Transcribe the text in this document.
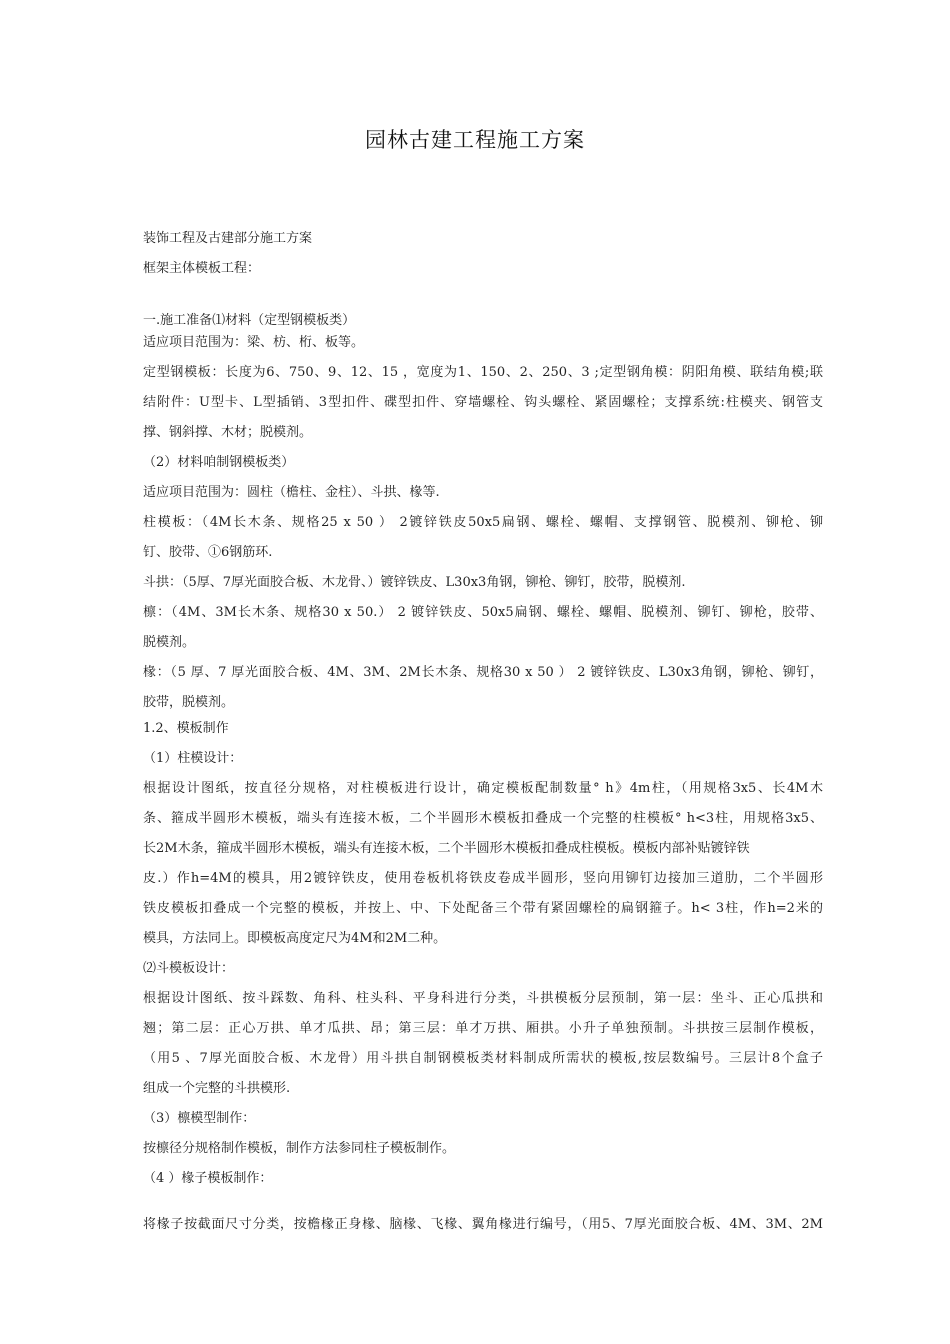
园林古建工程施工方案
装饰工程及古建部分施工方案
框架主体模板工程：
一.施工准备⑴材料（定型钢模板类）
适应项目范围为：梁、枋、桁、板等。
定型钢模板：长度为6、750、9、12、15 ，宽度为1、150、2、250、3 ;定型钢角模：阴阳角模、联结角模;联
结附件：U型卡、L型插销、3型扣件、碟型扣件、穿墙螺栓、钩头螺栓、紧固螺栓；支撑系统:柱模夹、钢管支
撑、钢斜撑、木材；脱模剂。
（2）材料咱制钢模板类）
适应项目范围为：圆柱（檐柱、金柱）、斗拱、椽等.
柱模板：（4M长木条、规格25 x 50 ） 2镀锌铁皮50x5扁钢、螺栓、螺帽、支撑钢管、脱模剂、铆枪、铆
钉、胶带、①6钢筋环.
斗拱：（5厚、7厚光面胶合板、木龙骨、）镀锌铁皮、L30x3角钢，铆枪、铆钉，胶带，脱模剂.
檩：（4M、3M长木条、规格30 x 50.） 2 镀锌铁皮、50x5扁钢、螺栓、螺帽、脱模剂、铆钉、铆枪，胶带、
脱模剂。
椽：（5 厚、7 厚光面胶合板、4M、3M、2M长木条、规格30 x 50 ） 2 镀锌铁皮、L30x3角钢，铆枪、铆钉，
胶带，脱模剂。
1.2、模板制作
（1）柱模设计：
根据设计图纸，按直径分规格，对柱模板进行设计，确定模板配制数量° h》4m柱，（用规格3x5、长4M木
条、箍成半圆形木模板，端头有连接木板，二个半圆形木模板扣叠成一个完整的柱模板° h<3柱，用规格3x5、
长2M木条，箍成半圆形木模板，端头有连接木板，二个半圆形木模板扣叠成柱模板。模板内部补贴镀锌铁
皮.）作h=4M的模具，用2镀锌铁皮，使用卷板机将铁皮卷成半圆形，竖向用铆钉边接加三道肋，二个半圆形
铁皮模板扣叠成一个完整的模板，并按上、中、下处配备三个带有紧固螺栓的扁钢箍子。h< 3柱，作h=2米的
模具，方法同上。即模板高度定尺为4M和2M二种。
⑵斗模板设计：
根据设计图纸、按斗踩数、角科、柱头科、平身科进行分类，斗拱模板分层预制，第一层：坐斗、正心瓜拱和
翘；第二层：正心万拱、单才瓜拱、昂；第三层：单才万拱、厢拱。小升子单独预制。斗拱按三层制作模板，
（用5 、7厚光面胶合板、木龙骨）用斗拱自制钢模板类材料制成所需状的模板,按层数编号。三层计8个盒子
组成一个完整的斗拱模形.
（3）檩模型制作：
按檩径分规格制作模板，制作方法参同柱子模板制作。
（4 ）椽子模板制作：
将椽子按截面尺寸分类，按檐椽正身椽、脑椽、飞椽、翼角椽进行编号，（用5、7厚光面胶合板、4M、3M、2M
